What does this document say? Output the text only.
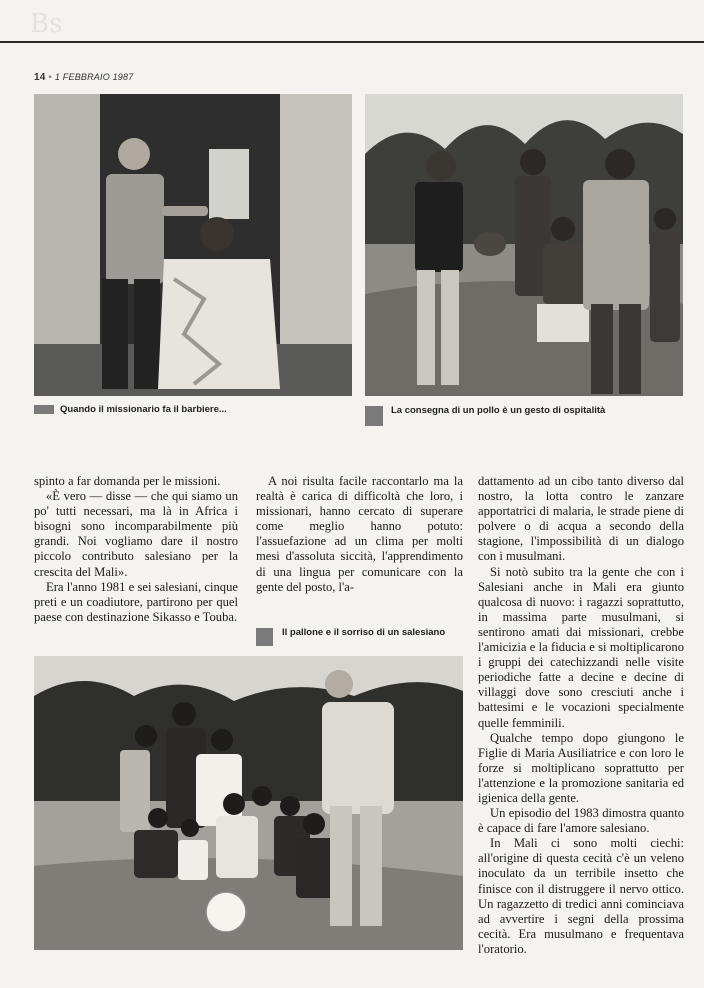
Bs
14 • 1 FEBBRAIO 1987
Quando il missionario fa il barbiere...	La consegna di un pollo è un gesto di ospitalità

spinto a far domanda per le missioni.

«È vero — disse — che qui siamo un po' tutti necessari, ma là in Africa i bisogni sono incomparabilmente più grandi. Noi vogliamo dare il nostro piccolo contributo salesiano per la crescita del Mali».

Era l'anno 1981 e sei salesiani, cinque preti e un coadiutore, partirono per quel paese con destinazione Sikasso e Touba.

A noi risulta facile raccontarlo ma la realtà è carica di difficoltà che loro, i missionari, hanno cercato di superare come meglio hanno potuto: l'assuefazione ad un clima per molti mesi d'assoluta siccità, l'apprendimento di una lingua per comunicare con la gente del posto, l'a-

Il pallone e il sorriso di un salesiano

dattamento ad un cibo tanto diverso dal nostro, la lotta contro le zanzare apportatrici di malaria, le strade piene di polvere o di acqua a secondo della stagione, l'impossibilità di un dialogo con i musulmani.

Si notò subito tra la gente che con i Salesiani anche in Mali era giunto qualcosa di nuovo: i ragazzi soprattutto, in massima parte musulmani, si sentirono amati dai missionari, crebbe l'amicizia e la fiducia e si moltiplicarono i gruppi dei catechizzandi nelle visite periodiche fatte a decine e decine di villaggi dove sono cresciuti anche i battesimi e le vocazioni specialmente quelle femminili.

Qualche tempo dopo giungono le Figlie di Maria Ausiliatrice e con loro le forze si moltiplicano soprattutto per l'attenzione e la promozione sanitaria ed igienica della gente.

Un episodio del 1983 dimostra quanto è capace di fare l'amore salesiano.

In Mali ci sono molti ciechi: all'origine di questa cecità c'è un veleno inoculato da un terribile insetto che finisce con il distruggere il nervo ottico. Un ragazzetto di tredici anni cominciava ad avvertire i segni della prossima cecità. Era musulmano e frequentava l'oratorio.
